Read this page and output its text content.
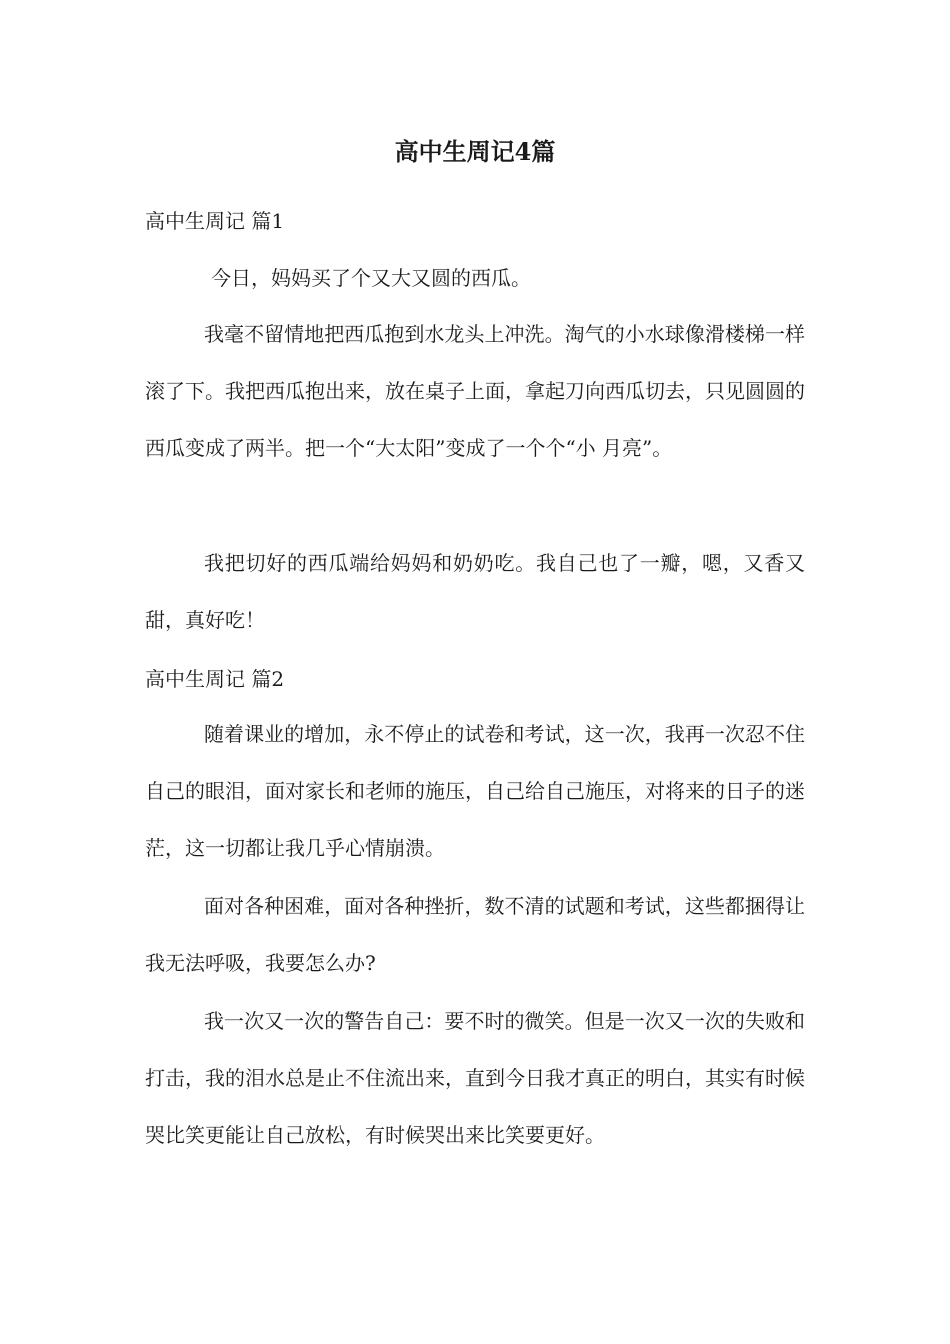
高中生周记4篇
高中生周记 篇1
今日，妈妈买了个又大又圆的西瓜。
我毫不留情地把西瓜抱到水龙头上冲洗。淘气的小水球像滑楼梯一样滚了下。我把西瓜抱出来，放在桌子上面，拿起刀向西瓜切去，只见圆圆的西瓜变成了两半。把一个“大太阳”变成了一个个“小 月亮”。
我把切好的西瓜端给妈妈和奶奶吃。我自己也了一瓣，嗯，又香又甜，真好吃！
高中生周记 篇2
随着课业的增加，永不停止的试卷和考试，这一次，我再一次忍不住自己的眼泪，面对家长和老师的施压，自己给自己施压，对将来的日子的迷茫，这一切都让我几乎心情崩溃。
面对各种困难，面对各种挫折，数不清的试题和考试，这些都捆得让我无法呼吸，我要怎么办?
我一次又一次的警告自己：要不时的微笑。但是一次又一次的失败和打击，我的泪水总是止不住流出来，直到今日我才真正的明白，其实有时候哭比笑更能让自己放松，有时候哭出来比笑要更好。
